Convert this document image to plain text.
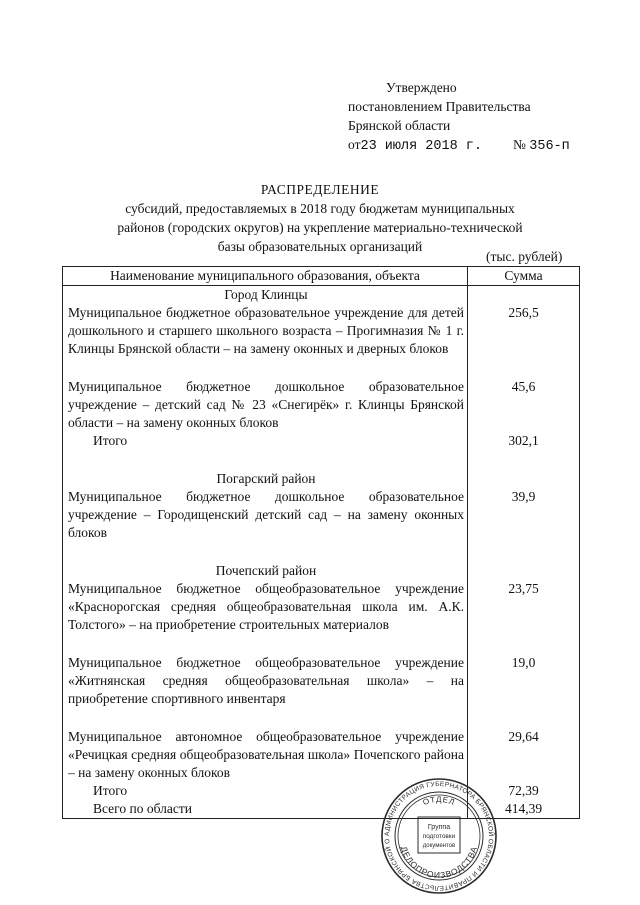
Утверждено
постановлением Правительства
Брянской области
от23 июля 2018 г. № 356-п
РАСПРЕДЕЛЕНИЕ
субсидий, предоставляемых в 2018 году бюджетам муниципальных
районов (городских округов) на укрепление материально-технической
базы образовательных организаций
(тыс. рублей)
Наименование муниципального образования, объекта	Сумма
Город Клинцы	
Муниципальное бюджетное образовательное учреждение для детей дошкольного и старшего школьного возраста – Прогимназия № 1 г. Клинцы Брянской области – на замену оконных и дверных блоков	256,5

Муниципальное бюджетное дошкольное образовательное учреждение – детский сад № 23 «Снегирёк» г. Клинцы Брянской области – на замену оконных блоков	45,6
Итого	302,1

Погарский район	
Муниципальное бюджетное дошкольное образовательное учреждение – Городищенский детский сад – на замену оконных блоков	39,9

Почепский район	
Муниципальное бюджетное общеобразовательное учреждение «Краснорогская средняя общеобразовательная школа им. А.К. Толстого» – на приобретение строительных материалов	23,75

Муниципальное бюджетное общеобразовательное учреждение «Житнянская средняя общеобразовательная школа» – на приобретение спортивного инвентаря	19,0

Муниципальное автономное общеобразовательное учреждение «Речицкая средняя общеобразовательная школа» Почепского района – на замену оконных блоков	29,64
Итого	72,39
Всего по области	414,39
АДМИНИСТРАЦИЯ ГУБЕРНАТОРА БРЯНСКОЙ ОБЛАСТИ И ПРАВИТЕЛЬСТВА БРЯНСКОЙ О
ОТДЕЛ
ДЕЛОПРОИЗВОДСТВА
Группа
подготовки
документов
